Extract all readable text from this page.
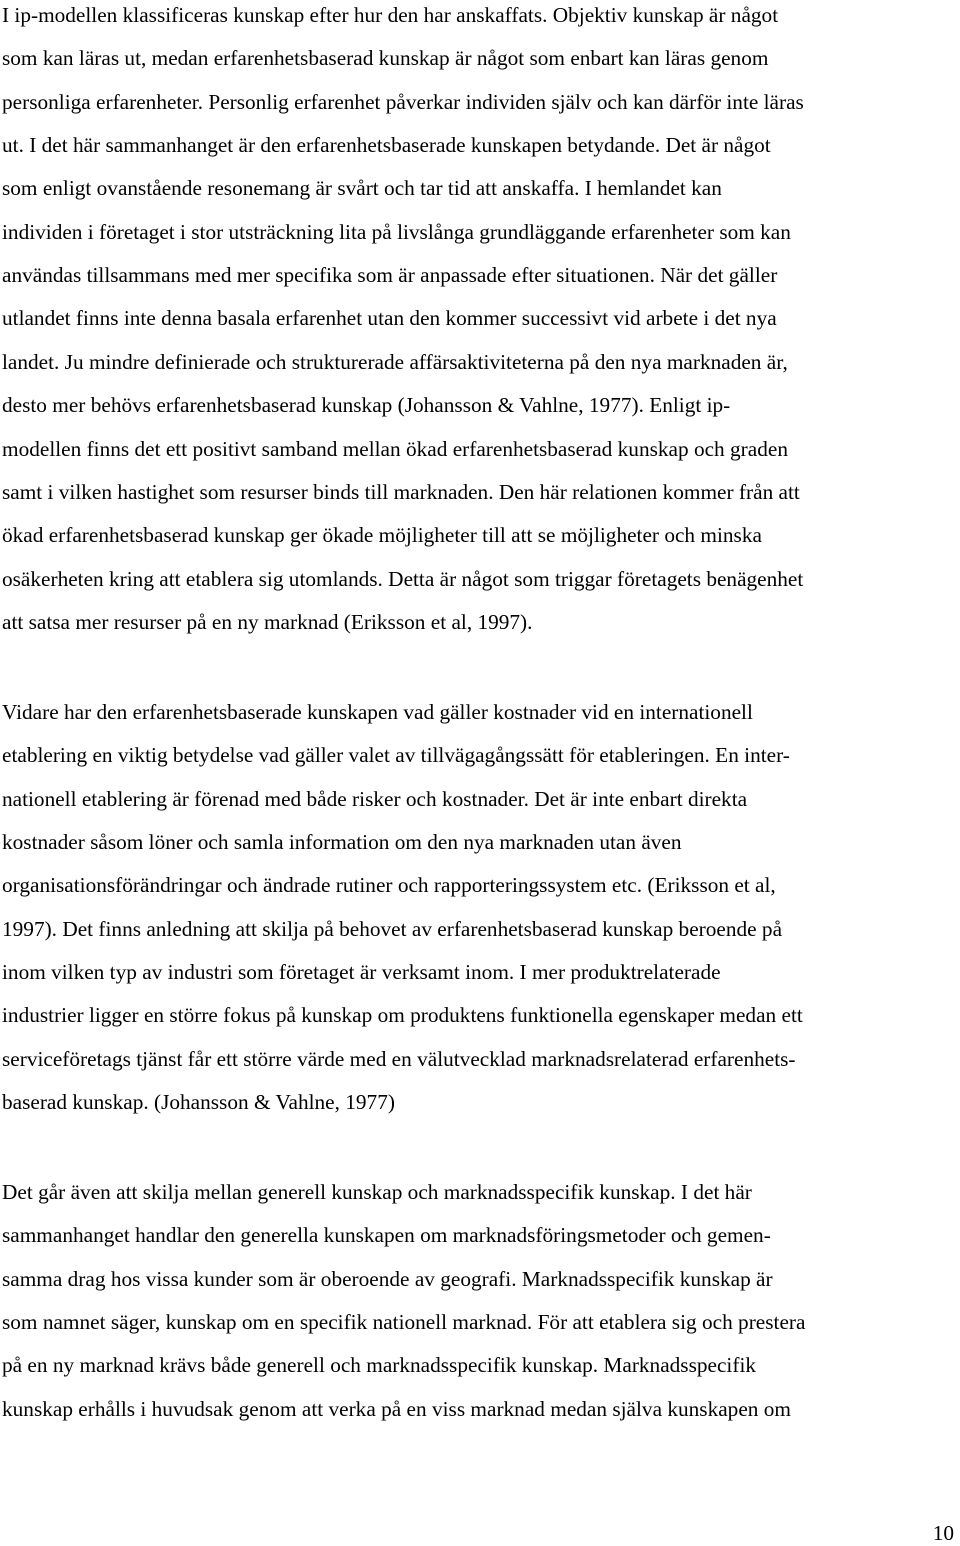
I ip-modellen klassificeras kunskap efter hur den har anskaffats. Objektiv kunskap är något
som kan läras ut, medan erfarenhetsbaserad kunskap är något som enbart kan läras genom
personliga erfarenheter. Personlig erfarenhet påverkar individen själv och kan därför inte läras
ut. I det här sammanhanget är den erfarenhetsbaserade kunskapen betydande. Det är något
som enligt ovanstående resonemang är svårt och tar tid att anskaffa. I hemlandet kan
individen i företaget i stor utsträckning lita på livslånga grundläggande erfarenheter som kan
användas tillsammans med mer specifika som är anpassade efter situationen. När det gäller
utlandet finns inte denna basala erfarenhet utan den kommer successivt vid arbete i det nya
landet. Ju mindre definierade och strukturerade affärsaktiviteterna på den nya marknaden är,
desto mer behövs erfarenhetsbaserad kunskap (Johansson & Vahlne, 1977). Enligt ip-
modellen finns det ett positivt samband mellan ökad erfarenhetsbaserad kunskap och graden
samt i vilken hastighet som resurser binds till marknaden. Den här relationen kommer från att
ökad erfarenhetsbaserad kunskap ger ökade möjligheter till att se möjligheter och minska
osäkerheten kring att etablera sig utomlands. Detta är något som triggar företagets benägenhet
att satsa mer resurser på en ny marknad (Eriksson et al, 1997).
Vidare har den erfarenhetsbaserade kunskapen vad gäller kostnader vid en internationell
etablering en viktig betydelse vad gäller valet av tillvägagångssätt för etableringen. En inter-
nationell etablering är förenad med både risker och kostnader. Det är inte enbart direkta
kostnader såsom löner och samla information om den nya marknaden utan även
organisationsförändringar och ändrade rutiner och rapporteringssystem etc. (Eriksson et al,
1997). Det finns anledning att skilja på behovet av erfarenhetsbaserad kunskap beroende på
inom vilken typ av industri som företaget är verksamt inom. I mer produktrelaterade
industrier ligger en större fokus på kunskap om produktens funktionella egenskaper medan ett
serviceföretags tjänst får ett större värde med en välutvecklad marknadsrelaterad erfarenhets-
baserad kunskap. (Johansson & Vahlne, 1977)
Det går även att skilja mellan generell kunskap och marknadsspecifik kunskap. I det här
sammanhanget handlar den generella kunskapen om marknadsföringsmetoder och gemen-
samma drag hos vissa kunder som är oberoende av geografi. Marknadsspecifik kunskap är
som namnet säger, kunskap om en specifik nationell marknad. För att etablera sig och prestera
på en ny marknad krävs både generell och marknadsspecifik kunskap. Marknadsspecifik
kunskap erhålls i huvudsak genom att verka på en viss marknad medan själva kunskapen om
10
